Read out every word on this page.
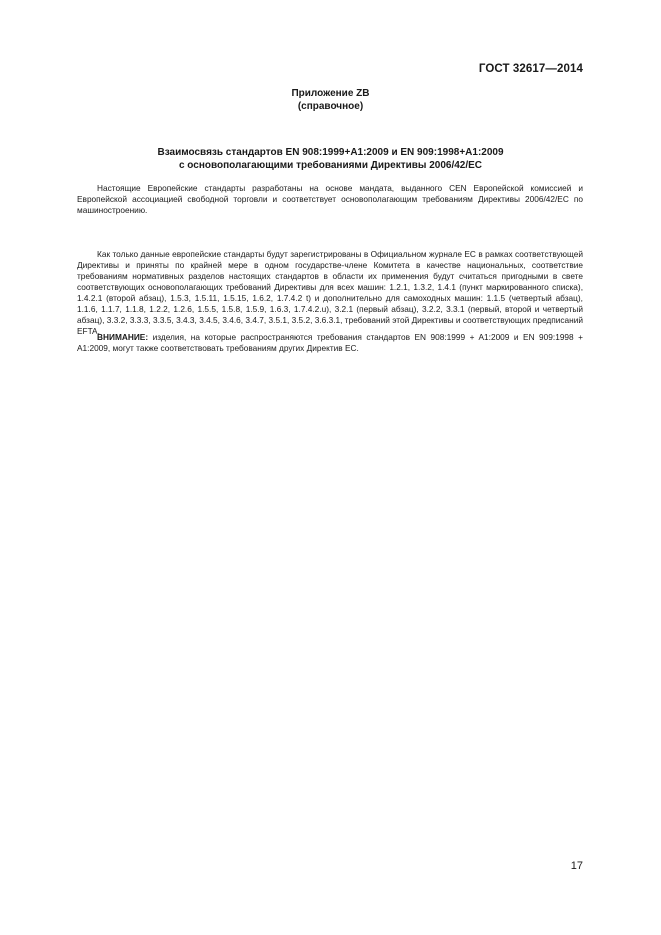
ГОСТ 32617—2014
Приложение ZB
(справочное)
Взаимосвязь стандартов EN 908:1999+A1:2009 и EN 909:1998+A1:2009
с основополагающими требованиями Директивы 2006/42/ЕС

Настоящие Европейские стандарты разработаны на основе мандата, выданного CEN Европейской комиссией и Европейской ассоциацией свободной торговли и соответствует основополагающим требованиям Директивы 2006/42/ЕС по машиностроению.

Как только данные европейские стандарты будут зарегистрированы в Официальном журнале ЕС в рамках соответствующей Директивы и приняты по крайней мере в одном государстве-члене Комитета в качестве национальных, соответствие требованиям нормативных разделов настоящих стандартов в области их применения будут считаться пригодными в свете соответствующих основополагающих требований Директивы для всех машин: 1.2.1, 1.3.2, 1.4.1 (пункт маркированного списка), 1.4.2.1 (второй абзац), 1.5.3, 1.5.11, 1.5.15, 1.6.2, 1.7.4.2 t) и дополнительно для самоходных машин: 1.1.5 (четвертый абзац), 1.1.6, 1.1.7, 1.1.8, 1.2.2, 1.2.6, 1.5.5, 1.5.8, 1.5.9, 1.6.3, 1.7.4.2.u), 3.2.1 (первый абзац), 3.2.2, 3.3.1 (первый, второй и четвертый абзац), 3.3.2, 3.3.3, 3.3.5, 3.4.3, 3.4.5, 3.4.6, 3.4.7, 3.5.1, 3.5.2, 3.6.3.1, требований этой Директивы и соответствующих предписаний EFTA.

ВНИМАНИЕ: изделия, на которые распространяются требования стандартов EN 908:1999 + A1:2009 и EN 909:1998 + A1:2009, могут также соответствовать требованиям других Директив ЕС.

17
